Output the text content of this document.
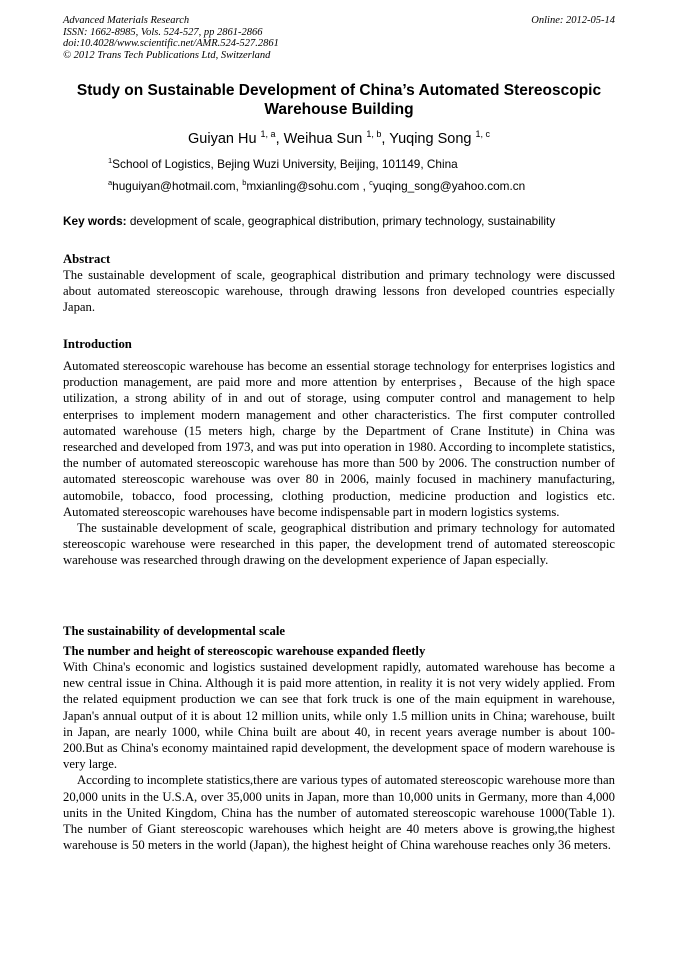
Advanced Materials Research
ISSN: 1662-8985, Vols. 524-527, pp 2861-2866
doi:10.4028/www.scientific.net/AMR.524-527.2861
© 2012 Trans Tech Publications Ltd, Switzerland
Online: 2012-05-14
Study on Sustainable Development of China’s Automated Stereoscopic
Warehouse Building
Guiyan Hu $^{1, a}$, Weihua Sun $^{1, b}$, Yuqing Song $^{1, c}$
$^1$School of Logistics, Bejing Wuzi University, Beijing, 101149, China
$^a$huguiyan@hotmail.com, $^b$mxianling@sohu.com , $^c$yuqing_song@yahoo.com.cn
Key words: development of scale, geographical distribution, primary technology, sustainability
Abstract

The sustainable development of scale, geographical distribution and primary technology were discussed about automated stereoscopic warehouse, through drawing lessons fron developed countries especially Japan.

Introduction

Automated stereoscopic warehouse has become an essential storage technology for enterprises logistics and production management, are paid more and more attention by enterprises，Because of the high space utilization, a strong ability of in and out of storage, using computer control and management to help enterprises to implement modern management and other characteristics. The first computer controlled automated warehouse (15 meters high, charge by the Department of Crane Institute) in China was researched and developed from 1973, and was put into operation in 1980. According to incomplete statistics, the number of automated stereoscopic warehouse has more than 500 by 2006. The construction number of automated stereoscopic warehouse was over 80 in 2006, mainly focused in machinery manufacturing, automobile, tobacco, food processing, clothing production, medicine production and logistics etc. Automated stereoscopic warehouses have become indispensable part in modern logistics systems.

The sustainable development of scale, geographical distribution and primary technology for automated stereoscopic warehouse were researched in this paper, the development trend of automated stereoscopic warehouse was researched through drawing on the development experience of Japan especially.

The sustainability of developmental scale
The number and height of stereoscopic warehouse expanded fleetly

With China's economic and logistics sustained development rapidly, automated warehouse has become a new central issue in China. Although it is paid more attention, in reality it is not very widely applied. From the related equipment production we can see that fork truck is one of the main equipment in warehouse, Japan's annual output of it is about 12 million units, while only 1.5 million units in China; warehouse, built in Japan, are nearly 1000, while China built are about 40, in recent years average number is about 100-200.But as China's economy maintained rapid development, the development space of modern warehouse is very large.

According to incomplete statistics,there are various types of automated stereoscopic warehouse more than 20,000 units in the U.S.A, over 35,000 units in Japan, more than 10,000 units in Germany, more than 4,000 units in the United Kingdom, China has the number of automated stereoscopic warehouse 1000(Table 1). The number of Giant stereoscopic warehouses which height are 40 meters above is growing,the highest warehouse is 50 meters in the world (Japan), the highest height of China warehouse reaches only 36 meters.
